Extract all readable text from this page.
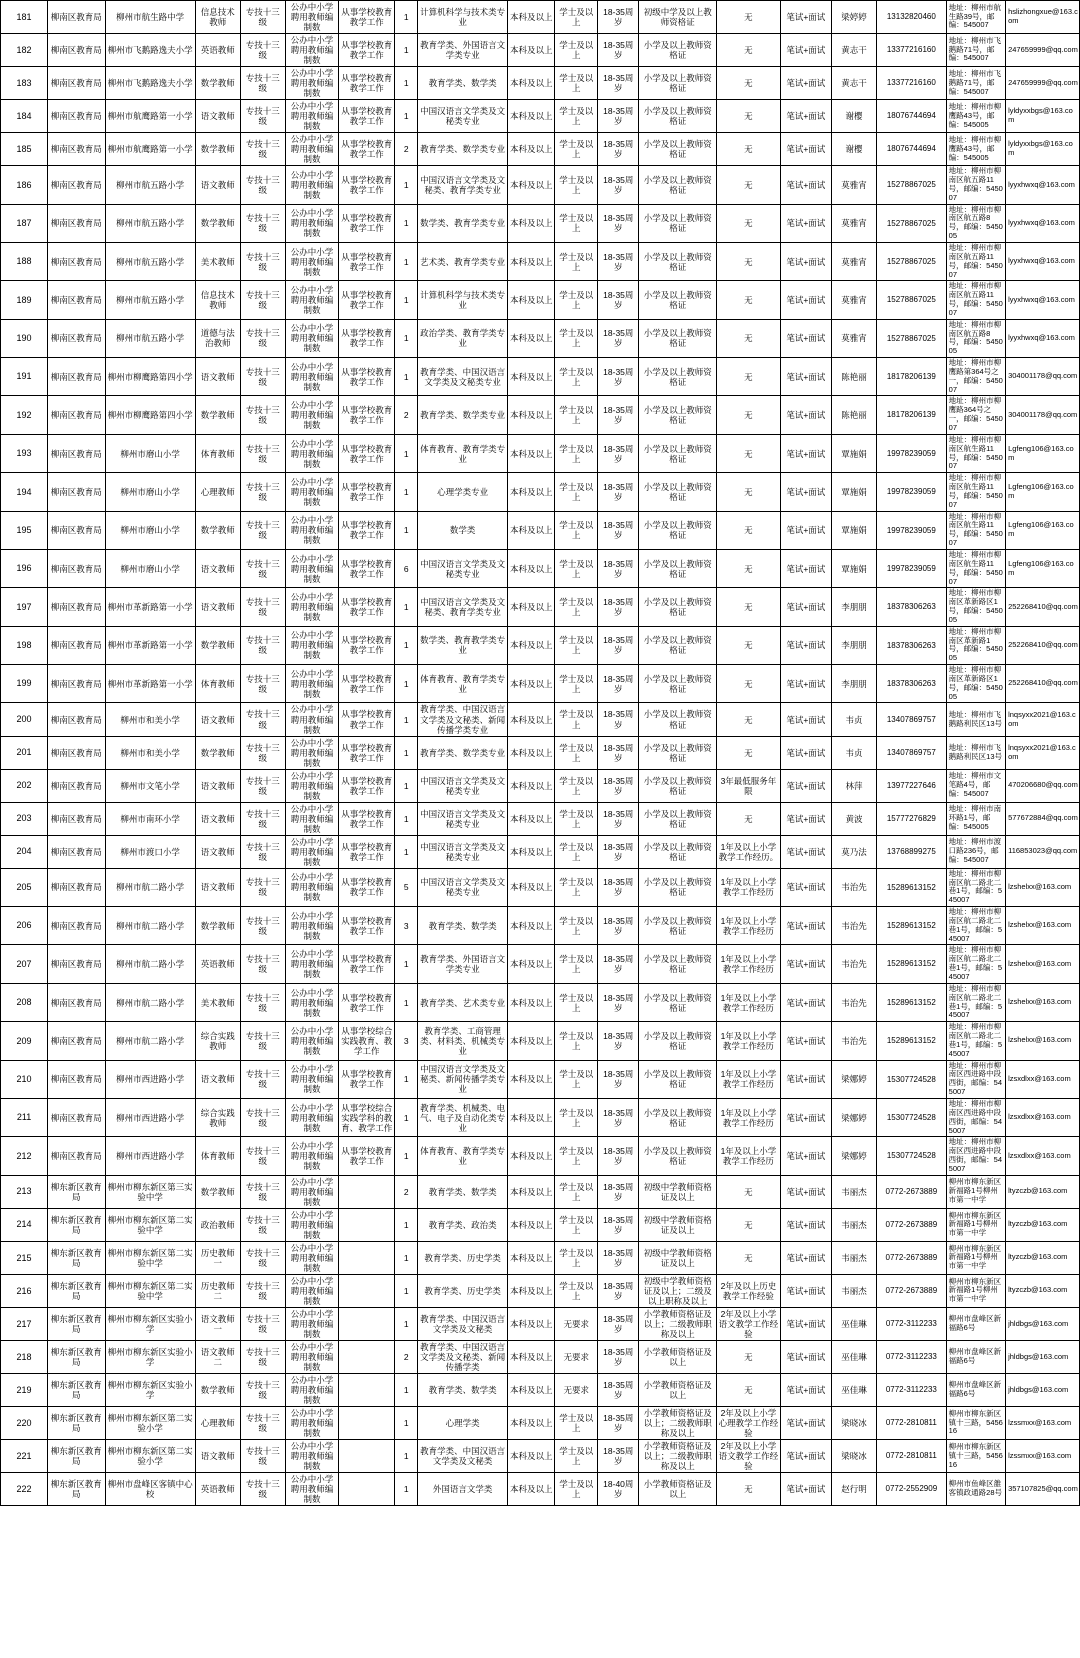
181	柳南区教育局	柳州市航生路中学	信息技术教师	专技十三级	公办中小学聘用教师编制数	从事学校教育教学工作	1	计算机科学与技术类专业	本科及以上	学士及以上	18-35周岁	初级中学及以上教师资格证	无	笔试+面试	梁婷婷	13132820460	地址：柳州市航生路39号，邮编：545007	hslizhongxue@163.com
182	柳南区教育局	柳州市飞鹅路逸夫小学	英语教师	专技十三级	公办中小学聘用教师编制数	从事学校教育教学工作	1	教育学类、外国语言文学类专业	本科及以上	学士及以上	18-35周岁	小学及以上教师资格证	无	笔试+面试	黄志干	13377216160	地址：柳州市飞鹅路71号，邮编：545007	247659999@qq.com
183	柳南区教育局	柳州市飞鹅路逸夫小学	数学教师	专技十三级	公办中小学聘用教师编制数	从事学校教育教学工作	1	教育学类、数学类	本科及以上	学士及以上	18-35周岁	小学及以上教师资格证	无	笔试+面试	黄志干	13377216160	地址：柳州市飞鹅路71号，邮编：545007	247659999@qq.com
184	柳南区教育局	柳州市航鹰路第一小学	语文教师	专技十三级	公办中小学聘用教师编制数	从事学校教育教学工作	1	中国汉语言文学类及文秘类专业	本科及以上	学士及以上	18-35周岁	小学及以上教师资格证	无	笔试+面试	谢樱	18076744694	地址：柳州市柳鹰路43号，邮编：545005	lyldyxxbgs@163.com
185	柳南区教育局	柳州市航鹰路第一小学	数学教师	专技十三级	公办中小学聘用教师编制数	从事学校教育教学工作	2	教育学类、数学类专业	本科及以上	学士及以上	18-35周岁	小学及以上教师资格证	无	笔试+面试	谢樱	18076744694	地址：柳州市柳鹰路43号，邮编：545005	lyldyxxbgs@163.com
186	柳南区教育局	柳州市航五路小学	语文教师	专技十三级	公办中小学聘用教师编制数	从事学校教育教学工作	1	中国汉语言文学类及文秘类、教育学类专业	本科及以上	学士及以上	18-35周岁	小学及以上教师资格证	无	笔试+面试	莫雅宵	15278867025	地址：柳州市柳南区航五路11号，邮编：545007	lyyxhwxq@163.com
187	柳南区教育局	柳州市航五路小学	数学教师	专技十三级	公办中小学聘用教师编制数	从事学校教育教学工作	1	数学类、教育学类专业	本科及以上	学士及以上	18-35周岁	小学及以上教师资格证	无	笔试+面试	莫雅宵	15278867025	地址：柳州市柳南区航五路8号，邮编：545005	lyyxhwxq@163.com
188	柳南区教育局	柳州市航五路小学	美术教师	专技十三级	公办中小学聘用教师编制数	从事学校教育教学工作	1	艺术类、教育学类专业	本科及以上	学士及以上	18-35周岁	小学及以上教师资格证	无	笔试+面试	莫雅宵	15278867025	地址：柳州市柳南区航五路11号，邮编：545007	lyyxhwxq@163.com
189	柳南区教育局	柳州市航五路小学	信息技术教师	专技十三级	公办中小学聘用教师编制数	从事学校教育教学工作	1	计算机科学与技术类专业	本科及以上	学士及以上	18-35周岁	小学及以上教师资格证	无	笔试+面试	莫雅宵	15278867025	地址：柳州市柳南区航五路11号，邮编：545007	lyyxhwxq@163.com
190	柳南区教育局	柳州市航五路小学	道德与法治教师	专技十三级	公办中小学聘用教师编制数	从事学校教育教学工作	1	政治学类、教育学类专业	本科及以上	学士及以上	18-35周岁	小学及以上教师资格证	无	笔试+面试	莫雅宵	15278867025	地址：柳州市柳南区航五路8号，邮编：545005	lyyxhwxq@163.com
191	柳南区教育局	柳州市柳鹰路第四小学	语文教师	专技十三级	公办中小学聘用教师编制数	从事学校教育教学工作	1	教育学类、中国汉语言文学类及文秘类专业	本科及以上	学士及以上	18-35周岁	小学及以上教师资格证	无	笔试+面试	陈艳丽	18178206139	地址：柳州市柳鹰路第364号之一，邮编：545007	304001178@qq.com
192	柳南区教育局	柳州市柳鹰路第四小学	数学教师	专技十三级	公办中小学聘用教师编制数	从事学校教育教学工作	2	教育学类、数学类专业	本科及以上	学士及以上	18-35周岁	小学及以上教师资格证	无	笔试+面试	陈艳丽	18178206139	地址：柳州市柳鹰路364号之一，邮编：545007	304001178@qq.com
193	柳南区教育局	柳州市磨山小学	体育教师	专技十三级	公办中小学聘用教师编制数	从事学校教育教学工作	1	体育教育、教育学类专业	本科及以上	学士及以上	18-35周岁	小学及以上教师资格证	无	笔试+面试	覃施娟	19978239059	地址：柳州市柳南区航生路11号，邮编：545007	Lgfeng106@163.com
194	柳南区教育局	柳州市磨山小学	心理教师	专技十三级	公办中小学聘用教师编制数	从事学校教育教学工作	1	心理学类专业	本科及以上	学士及以上	18-35周岁	小学及以上教师资格证	无	笔试+面试	覃施娟	19978239059	地址：柳州市柳南区航生路11号，邮编：545007	Lgfeng106@163.com
195	柳南区教育局	柳州市磨山小学	数学教师	专技十三级	公办中小学聘用教师编制数	从事学校教育教学工作	1	数学类	本科及以上	学士及以上	18-35周岁	小学及以上教师资格证	无	笔试+面试	覃施娟	19978239059	地址：柳州市柳南区航生路11号，邮编：545007	Lgfeng106@163.com
196	柳南区教育局	柳州市磨山小学	语文教师	专技十三级	公办中小学聘用教师编制数	从事学校教育教学工作	6	中国汉语言文学类及文秘类专业	本科及以上	学士及以上	18-35周岁	小学及以上教师资格证	无	笔试+面试	覃施娟	19978239059	地址：柳州市柳南区航生路11号，邮编：545007	Lgfeng106@163.com
197	柳南区教育局	柳州市革新路第一小学	语文教师	专技十三级	公办中小学聘用教师编制数	从事学校教育教学工作	1	中国汉语言文学类及文秘类、教育学类专业	本科及以上	学士及以上	18-35周岁	小学及以上教师资格证	无	笔试+面试	李朋朋	18378306263	地址：柳州市柳南区革新路区1号，邮编：545005	252268410@qq.com
198	柳南区教育局	柳州市革新路第一小学	数学教师	专技十三级	公办中小学聘用教师编制数	从事学校教育教学工作	1	数学类、教育教学类专业	本科及以上	学士及以上	18-35周岁	小学及以上教师资格证	无	笔试+面试	李朋朋	18378306263	地址：柳州市柳南区革新路1号，邮编：545005	252268410@qq.com
199	柳南区教育局	柳州市革新路第一小学	体育教师	专技十三级	公办中小学聘用教师编制数	从事学校教育教学工作	1	体育教育、教育学类专业	本科及以上	学士及以上	18-35周岁	小学及以上教师资格证	无	笔试+面试	李朋朋	18378306263	地址：柳州市柳南区革新路区1号，邮编：545005	252268410@qq.com
200	柳南区教育局	柳州市和美小学	语文教师	专技十三级	公办中小学聘用教师编制数	从事学校教育教学工作	1	教育学类、中国汉语言文学类及文秘类、新闻传播学类专业	本科及以上	学士及以上	18-35周岁	小学及以上教师资格证	无	笔试+面试	韦贞	13407869757	地址：柳州市飞鹅路利民区13号	lnqsyxx2021@163.com
201	柳南区教育局	柳州市和美小学	数学教师	专技十三级	公办中小学聘用教师编制数	从事学校教育教学工作	1	教育学类、数学类专业	本科及以上	学士及以上	18-35周岁	小学及以上教师资格证	无	笔试+面试	韦贞	13407869757	地址：柳州市飞鹅路利民区13号	lnqsyxx2021@163.com
202	柳南区教育局	柳州市文笔小学	语文教师	专技十三级	公办中小学聘用教师编制数	从事学校教育教学工作	1	中国汉语言文学类及文秘类专业	本科及以上	学士及以上	18-35周岁	小学及以上教师资格证	3年最低服务年限	笔试+面试	林萍	13977227646	地址：柳州市文笔路4号，邮编：545007	470206680@qq.com
203	柳南区教育局	柳州市南环小学	语文教师	专技十三级	公办中小学聘用教师编制数	从事学校教育教学工作	1	中国汉语言文学类及文秘类专业	本科及以上	学士及以上	18-35周岁	小学及以上教师资格证	无	笔试+面试	黄波	15777276829	地址：柳州市南环路1号，邮编：545005	577672884@qq.com
204	柳南区教育局	柳州市渡口小学	语文教师	专技十三级	公办中小学聘用教师编制数	从事学校教育教学工作	1	中国汉语言文学类及文秘类专业	本科及以上	学士及以上	18-35周岁	小学及以上教师资格证	1年及以上小学教学工作经历。	笔试+面试	莫乃法	13768899275	地址：柳州市渡口路236号，邮编：545007	116853023@qq.com
205	柳南区教育局	柳州市航二路小学	语文教师	专技十三级	公办中小学聘用教师编制数	从事学校教育教学工作	5	中国汉语言文学类及文秘类专业	本科及以上	学士及以上	18-35周岁	小学及以上教师资格证	1年及以上小学教学工作经历	笔试+面试	韦治先	15289613152	地址：柳州市柳南区航二路北二巷1号，邮编：545007	lzshelxx@163.com
206	柳南区教育局	柳州市航二路小学	数学教师	专技十三级	公办中小学聘用教师编制数	从事学校教育教学工作	3	教育学类、数学类	本科及以上	学士及以上	18-35周岁	小学及以上教师资格证	1年及以上小学教学工作经历	笔试+面试	韦治先	15289613152	地址：柳州市柳南区航二路北二巷1号，邮编：545007	lzshelxx@163.com
207	柳南区教育局	柳州市航二路小学	英语教师	专技十三级	公办中小学聘用教师编制数	从事学校教育教学工作	1	教育学类、外国语言文学类专业	本科及以上	学士及以上	18-35周岁	小学及以上教师资格证	1年及以上小学教学工作经历	笔试+面试	韦治先	15289613152	地址：柳州市柳南区航二路北二巷1号，邮编：545007	lzshelxx@163.com
208	柳南区教育局	柳州市航二路小学	美术教师	专技十三级	公办中小学聘用教师编制数	从事学校教育教学工作	1	教育学类、艺术类专业	本科及以上	学士及以上	18-35周岁	小学及以上教师资格证	1年及以上小学教学工作经历	笔试+面试	韦治先	15289613152	地址：柳州市柳南区航二路北二巷1号，邮编：545007	lzshelxx@163.com
209	柳南区教育局	柳州市航二路小学	综合实践教师	专技十三级	公办中小学聘用教师编制数	从事学校综合实践教育、教学工作	3	教育学类、工商管理类、材料类、机械类专业	本科及以上	学士及以上	18-35周岁	小学及以上教师资格证	1年及以上小学教学工作经历	笔试+面试	韦治先	15289613152	地址：柳州市柳南区航二路北二巷1号，邮编：545007	lzshelxx@163.com
210	柳南区教育局	柳州市西进路小学	语文教师	专技十三级	公办中小学聘用教师编制数	从事学校教育教学工作	1	中国汉语言文学类及文秘类、新闻传播学类专业	本科及以上	学士及以上	18-35周岁	小学及以上教师资格证	1年及以上小学教学工作经历	笔试+面试	梁娜婷	15307724528	地址：柳州市柳南区西进路中段西街，邮编：545007	lzsxdlxx@163.com
211	柳南区教育局	柳州市西进路小学	综合实践教师	专技十三级	公办中小学聘用教师编制数	从事学校综合实践学科的教育、教学工作	1	教育学类、机械类、电气、电子及自动化类专业	本科及以上	学士及以上	18-35周岁	小学及以上教师资格证	1年及以上小学教学工作经历	笔试+面试	梁娜婷	15307724528	地址：柳州市柳南区西进路中段西街，邮编：545007	lzsxdlxx@163.com
212	柳南区教育局	柳州市西进路小学	体育教师	专技十三级	公办中小学聘用教师编制数	从事学校教育教学工作	1	体育教育、教育学类专业	本科及以上	学士及以上	18-35周岁	小学及以上教师资格证	1年及以上小学教学工作经历	笔试+面试	梁娜婷	15307724528	地址：柳州市柳南区西进路中段西街，邮编：545007	lzsxdlxx@163.com
213	柳东新区教育局	柳州市柳东新区第三实验中学	数学教师	专技十三级	公办中小学聘用教师编制数		2	教育学类、数学类	本科及以上	学士及以上	18-35周岁	初级中学教师资格证及以上	无	笔试+面试	韦丽杰	0772-2673889	柳州市柳东新区新福路1号柳州市第一中学	ltyzczb@163.com
214	柳东新区教育局	柳州市柳东新区第二实验中学	政治教师	专技十三级	公办中小学聘用教师编制数		1	教育学类、政治类	本科及以上	学士及以上	18-35周岁	初级中学教师资格证及以上	无	笔试+面试	韦丽杰	0772-2673889	柳州市柳东新区新福路1号柳州市第一中学	ltyzczb@163.com
215	柳东新区教育局	柳州市柳东新区第二实验中学	历史教师一	专技十三级	公办中小学聘用教师编制数		1	教育学类、历史学类	本科及以上	学士及以上	18-35周岁	初级中学教师资格证及以上	无	笔试+面试	韦丽杰	0772-2673889	柳州市柳东新区新福路1号柳州市第一中学	ltyzczb@163.com
216	柳东新区教育局	柳州市柳东新区第二实验中学	历史教师二	专技十三级	公办中小学聘用教师编制数		1	教育学类、历史学类	本科及以上	学士及以上	18-35周岁	初级中学教师资格证及以上；二级及以上职称及以上	2年及以上历史教学工作经验	笔试+面试	韦丽杰	0772-2673889	柳州市柳东新区新福路1号柳州市第一中学	ltyzczb@163.com
217	柳东新区教育局	柳州市柳东新区实验小学	语文教师一	专技十三级	公办中小学聘用教师编制数		1	教育学类、中国汉语言文学类及文秘类	本科及以上	无要求	18-35周岁	小学教师资格证及以上；二级教师职称及以上	2年及以上小学语文教学工作经验	笔试+面试	巫佳琳	0772-3112233	柳州市盘峰区新福路6号	jhldbgs@163.com
218	柳东新区教育局	柳州市柳东新区实验小学	语文教师二	专技十三级	公办中小学聘用教师编制数		2	教育学类、中国汉语言文学类及文秘类、新闻传播学类	本科及以上	无要求	18-35周岁	小学教师资格证及以上	无	笔试+面试	巫佳琳	0772-3112233	柳州市盘峰区新福路6号	jhldbgs@163.com
219	柳东新区教育局	柳州市柳东新区实验小学	数学教师	专技十三级	公办中小学聘用教师编制数		1	教育学类、数学类	本科及以上	无要求	18-35周岁	小学教师资格证及以上	无	笔试+面试	巫佳琳	0772-3112233	柳州市盘峰区新福路6号	jhldbgs@163.com
220	柳东新区教育局	柳州市柳东新区第二实验小学	心理教师	专技十三级	公办中小学聘用教师编制数		1	心理学类	本科及以上	学士及以上	18-35周岁	小学教师资格证及以上；二级教师职称及以上	2年及以上小学心理教学工作经验	笔试+面试	梁晓冰	0772-2810811	柳州市柳东新区镇十三路，545616	lzssmxx@163.com
221	柳东新区教育局	柳州市柳东新区第二实验小学	语文教师	专技十三级	公办中小学聘用教师编制数		1	教育学类、中国汉语言文学类及文秘类	本科及以上	学士及以上	18-35周岁	小学教师资格证及以上；二级教师职称及以上	2年及以上小学语文教学工作经验	笔试+面试	梁晓冰	0772-2810811	柳州市柳东新区镇十三路，545616	lzssmxx@163.com
222	柳东新区教育局	柳州市盘峰区客镇中心校	英语教师	专技十三级	公办中小学聘用教师编制数		1	外国语言文学类	本科及以上	学士及以上	18-40周岁	小学教师资格证及以上	无	笔试+面试	赵行明	0772-2552909	柳州市鱼峰区雒客镇政通路28号	357107825@qq.com
